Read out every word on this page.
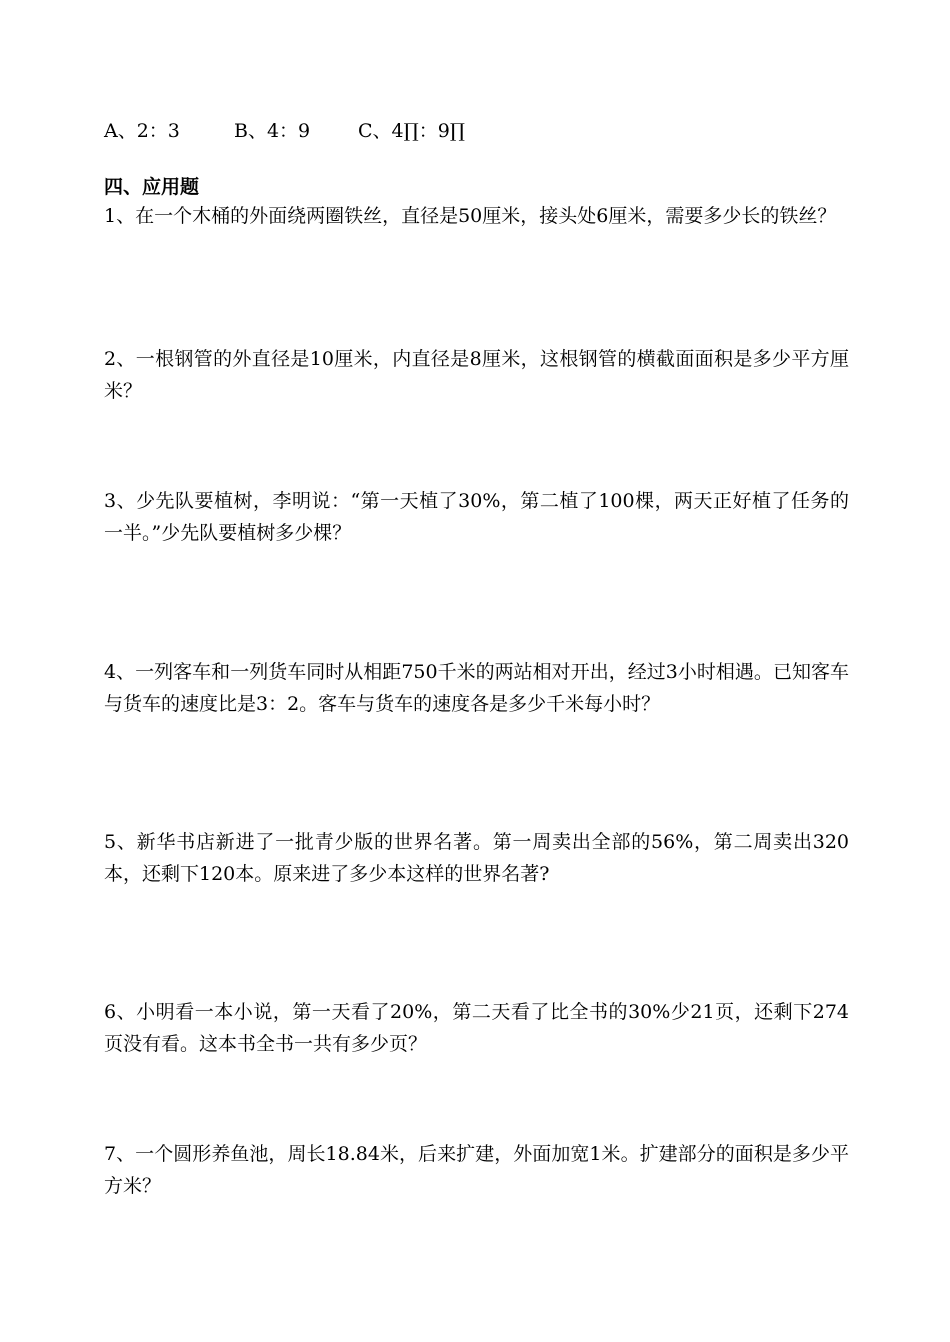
A、2：3	B、4：9	C、4∏：9∏
四、应用题
1、在一个木桶的外面绕两圈铁丝，直径是50厘米，接头处6厘米，需要多少长的铁丝？
2、一根钢管的外直径是10厘米，内直径是8厘米，这根钢管的横截面面积是多少平方厘米？
3、少先队要植树，李明说：“第一天植了30%，第二植了100棵，两天正好植了任务的一半。”少先队要植树多少棵？
4、一列客车和一列货车同时从相距750千米的两站相对开出，经过3小时相遇。已知客车与货车的速度比是3：2。客车与货车的速度各是多少千米每小时？
5、新华书店新进了一批青少版的世界名著。第一周卖出全部的56%，第二周卖出320本，还剩下120本。原来进了多少本这样的世界名著?
6、小明看一本小说，第一天看了20%，第二天看了比全书的30%少21页，还剩下274页没有看。这本书全书一共有多少页？
7、一个圆形养鱼池，周长18.84米，后来扩建，外面加宽1米。扩建部分的面积是多少平方米？
